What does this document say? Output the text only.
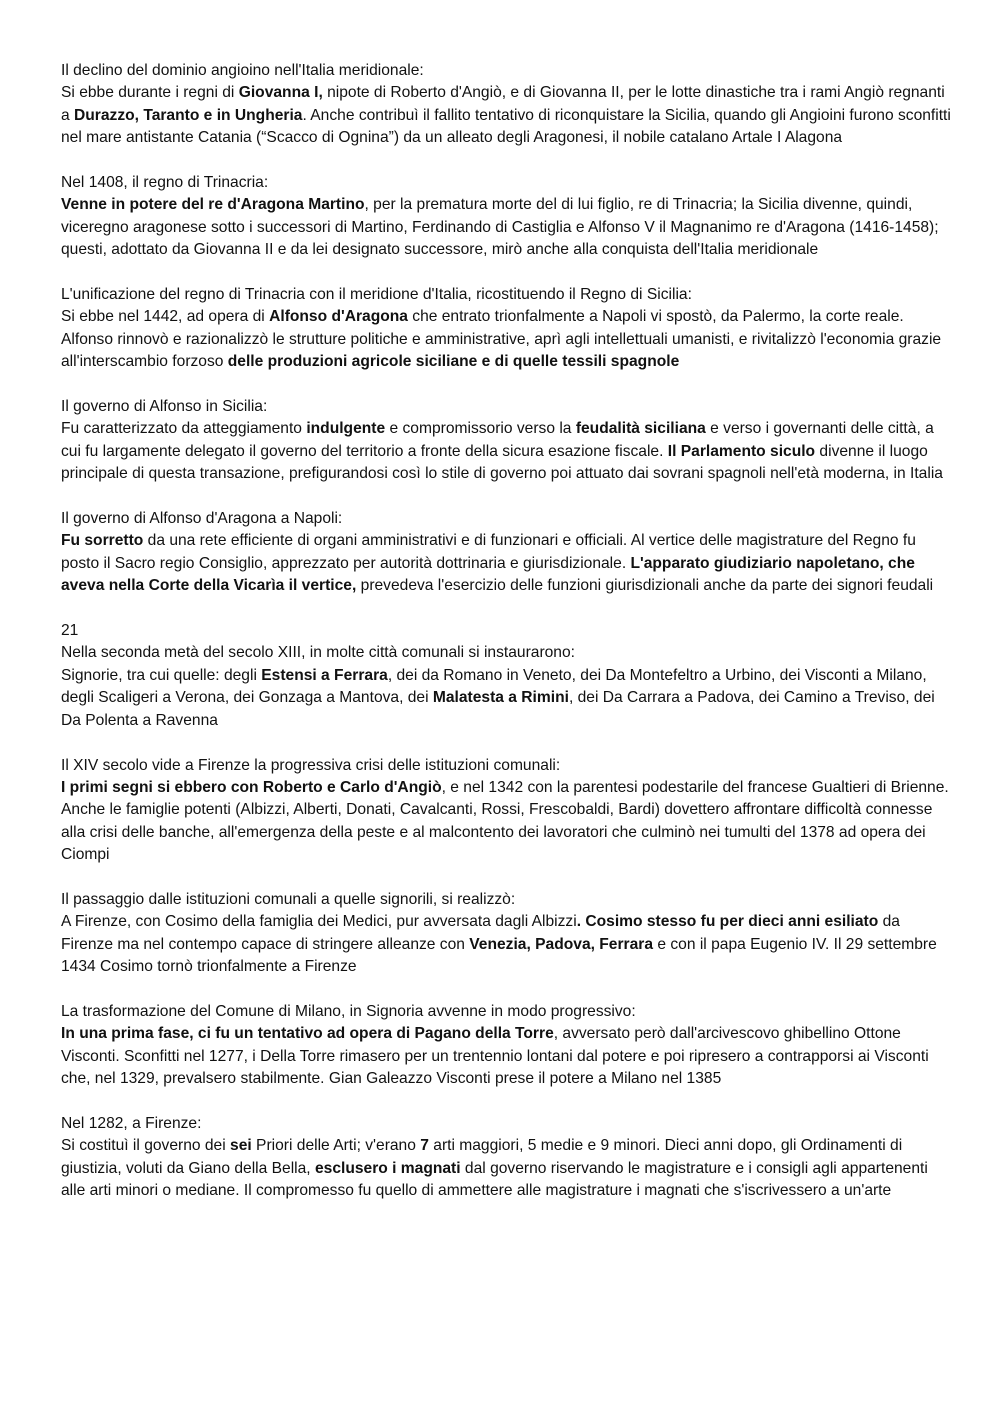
Il declino del dominio angioino nell'Italia meridionale:
Si ebbe durante i regni di Giovanna I, nipote di Roberto d'Angiò, e di Giovanna II, per le lotte dinastiche tra i rami Angiò regnanti a Durazzo, Taranto e in Ungheria. Anche contribuì il fallito tentativo di riconquistare la Sicilia, quando gli Angioini furono sconfitti nel mare antistante Catania (“Scacco di Ognina”) da un alleato degli Aragonesi, il nobile catalano Artale I Alagona
Nel 1408, il regno di Trinacria:
Venne in potere del re d'Aragona Martino, per la prematura morte del di lui figlio, re di Trinacria; la Sicilia divenne, quindi, viceregno aragonese sotto i successori di Martino, Ferdinando di Castiglia e Alfonso V il Magnanimo re d'Aragona (1416-1458); questi, adottato da Giovanna II e da lei designato successore, mirò anche alla conquista dell'Italia meridionale
L'unificazione del regno di Trinacria con il meridione d'Italia, ricostituendo il Regno di Sicilia:
Si ebbe nel 1442, ad opera di Alfonso d'Aragona che entrato trionfalmente a Napoli vi spostò, da Palermo, la corte reale. Alfonso rinnovò e razionalizzò le strutture politiche e amministrative, aprì agli intellettuali umanisti, e rivitalizzò l'economia grazie all'interscambio forzoso delle produzioni agricole siciliane e di quelle tessili spagnole
Il governo di Alfonso in Sicilia:
Fu caratterizzato da atteggiamento indulgente e compromissorio verso la feudalità siciliana e verso i governanti delle città, a cui fu largamente delegato il governo del territorio a fronte della sicura esazione fiscale. Il Parlamento siculo divenne il luogo principale di questa transazione, prefigurandosi così lo stile di governo poi attuato dai sovrani spagnoli nell'età moderna, in Italia
Il governo di Alfonso d'Aragona a Napoli:
Fu sorretto da una rete efficiente di organi amministrativi e di funzionari e officiali. Al vertice delle magistrature del Regno fu posto il Sacro regio Consiglio, apprezzato per autorità dottrinaria e giurisdizionale. L'apparato giudiziario napoletano, che aveva nella Corte della Vicarìa il vertice, prevedeva l'esercizio delle funzioni giurisdizionali anche da parte dei signori feudali
21
Nella seconda metà del secolo XIII, in molte città comunali si instaurarono:
Signorie, tra cui quelle: degli Estensi a Ferrara, dei da Romano in Veneto, dei Da Montefeltro a Urbino, dei Visconti a Milano, degli Scaligeri a Verona, dei Gonzaga a Mantova, dei Malatesta a Rimini, dei Da Carrara a Padova, dei Camino a Treviso, dei Da Polenta a Ravenna
Il XIV secolo vide a Firenze la progressiva crisi delle istituzioni comunali:
I primi segni si ebbero con Roberto e Carlo d'Angiò, e nel 1342 con la parentesi podestarile del francese Gualtieri di Brienne. Anche le famiglie potenti (Albizzi, Alberti, Donati, Cavalcanti, Rossi, Frescobaldi, Bardi) dovettero affrontare difficoltà connesse alla crisi delle banche, all'emergenza della peste e al malcontento dei lavoratori che culminò nei tumulti del 1378 ad opera dei Ciompi
Il passaggio dalle istituzioni comunali a quelle signorili, si realizzò:
A Firenze, con Cosimo della famiglia dei Medici, pur avversata dagli Albizzi. Cosimo stesso fu per dieci anni esiliato da Firenze ma nel contempo capace di stringere alleanze con Venezia, Padova, Ferrara e con il papa Eugenio IV. Il 29 settembre 1434 Cosimo tornò trionfalmente a Firenze
La trasformazione del Comune di Milano, in Signoria avvenne in modo progressivo:
In una prima fase, ci fu un tentativo ad opera di Pagano della Torre, avversato però dall'arcivescovo ghibellino Ottone Visconti. Sconfitti nel 1277, i Della Torre rimasero per un trentennio lontani dal potere e poi ripresero a contrapporsi ai Visconti che, nel 1329, prevalsero stabilmente. Gian Galeazzo Visconti prese il potere a Milano nel 1385
Nel 1282, a Firenze:
Si costituì il governo dei sei Priori delle Arti; v'erano 7 arti maggiori, 5 medie e 9 minori. Dieci anni dopo, gli Ordinamenti di giustizia, voluti da Giano della Bella, esclusero i magnati dal governo riservando le magistrature e i consigli agli appartenenti alle arti minori o mediane. Il compromesso fu quello di ammettere alle magistrature i magnati che s'iscrivessero a un'arte
